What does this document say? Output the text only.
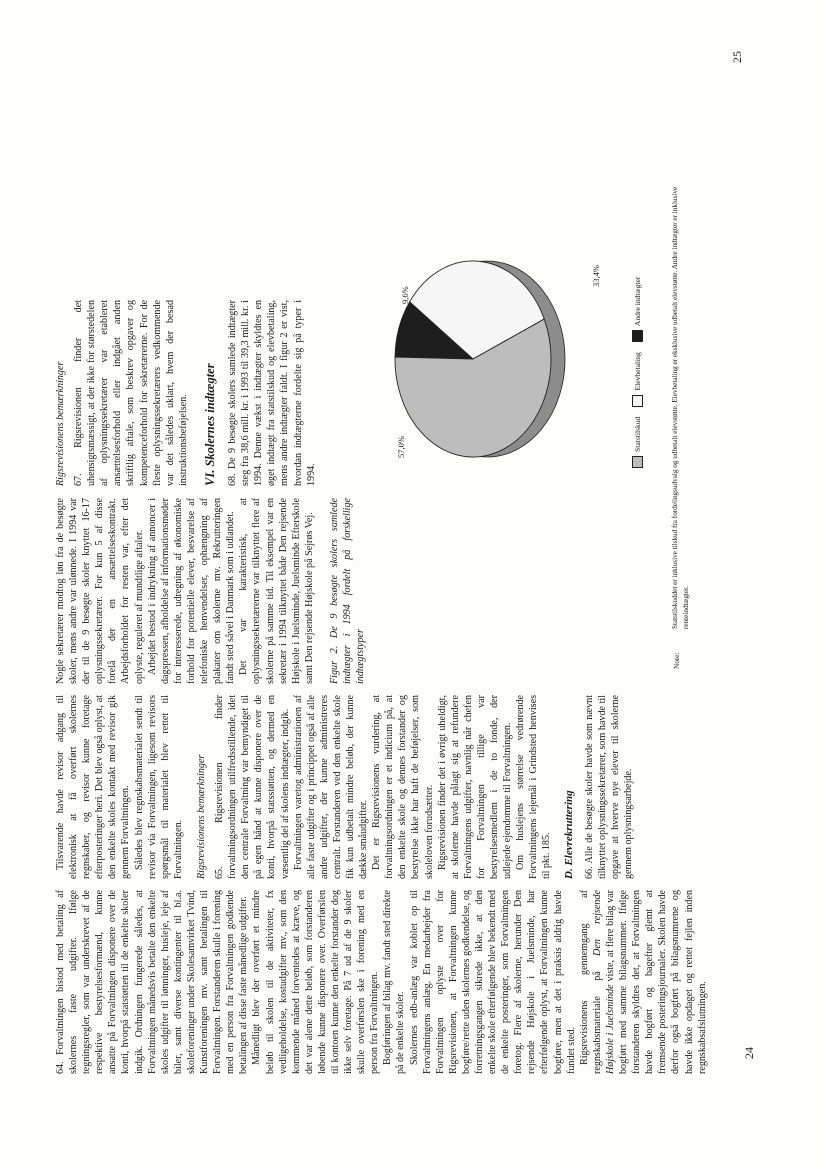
64. Forvaltningen bistod med betaling af skolernes faste udgifter. Ifølge tegningsregler, som var underskrevet af de respektive bestyrelsesformænd, kunne ansatte på Forvaltningen disponere over de konti, hvorpå statstøtten til de enkelte skoler indgik. Ordningen fungerede således, at Forvaltningen månedsvis betalte den enkelte skoles udgifter til lønninger, husleje, leje af biler, samt diverse kontingenter til bl.a. skoleforeninger under Skolesamvirket Tvind, Kunstforeningen mv. samt betalingen til Forvaltningen. Forstanderen skulle i forening med en person fra Forvaltningen godkende betalingen af disse faste månedlige udgifter. Månedligt blev der overført et mindre beløb til skolen til de aktiviteter, fx vedligeholdelse, kostudgifter mv., som den kommende måned forventedes at kræve, og det var alene dette beløb, som forstanderen løbende kunne disponere over. Overførslen til kontoen kunne den enkelte forstander dog ikke selv foretage. På 7 ud af de 9 skoler skulle overførslen ske i forening med en person fra Forvaltningen. Bogføringen af bilag mv. fandt sted direkte på de enkelte skoler. Skolernes edb-anlæg var koblet op til Forvaltningens anlæg. En medarbejder fra Forvaltningen oplyste over for Rigsrevisionen, at Forvaltningen kunne bogføre/rette uden skolernes godkendelse, og forretningsgangen sikrede ikke, at den enkelte skole efterfølgende blev bekendt med de enkelte posteringer, som Forvaltningen foretog. Flere af skolerne, herunder Den rejsende Højskole i Juelsminde, har efterfølgende oplyst, at Forvaltningen kunne bogføre, men at det i praksis aldrig havde fundet sted. Rigsrevisionens gennemgang af regnskabsmateriale på Den rejsende Højskole i Juelsminde viste, at flere bilag var bogført med samme bilagsnummer. Ifølge forstanderen skyldtes det, at Forvaltningen havde bogført og bagefter glemt at fremsende posteringsjournaler. Skolen havde derfor også bogført på bilagsnumrene og havde ikke opdaget og rettet fejlen inden regnskabsafslutningen.

Tilsvarende havde revisor adgang til elektronisk at få overført skolernes regnskaber, og revisor kunne foretage efterposteringer heri. Det blev også oplyst, at den enkelte skoles kontakt med revisor gik gennem Forvaltningen. Således blev regnskabsmaterialet sendt til revisor via Forvaltningen, ligesom revisors spørgsmål til materialet blev rettet til Forvaltningen. Rigsrevisionens bemærkninger 65. Rigsrevisionen finder forvaltningsordningen utilfredsstillende, idet den centrale Forvaltning var bemyndiget til på egen hånd at kunne disponere over de konti, hvorpå statsstøtten, og dermed en væsentlig del af skolens indtægter, indgik. Forvaltningen varetog administrationen af alle faste udgifter og i princippet også af alle andre udgifter, der kunne administreres centralt. Forstanderen ved den enkelte skole fik kun udbetalt mindre beløb, der kunne dække småudgifter. Det er Rigsrevisionens vurdering, at forvaltningsordningen er et indicium på, at den enkelte skole og dennes forstander og bestyrelse ikke har haft de beføjelser, som skoleloven forudsætter. Rigsrevisionen finder det i øvrigt uheldigt, at skolerne havde pålagt sig at refundere Forvaltningens udgifter, navnlig når chefen for Forvaltningen tillige var bestyrelsesmedlem i de to fonde, der udlejede ejendomme til Forvaltningen. Om huslejens størrelse vedrørende Forvaltningens lejemål i Grindsted henvises til pkt. 185. D. Elevrekruttering 66. Alle de besøgte skoler havde som nævnt tilknyttet oplysningssekretærer, som havde til opgave at hverve nye elever til skolerne gennem oplysningsarbejde.

Nogle sekretærer modtog løn fra de besøgte skoler, mens andre var ulønnede. I 1994 var der til de 9 besøgte skoler knyttet 16-17 oplysningssekretærer. For kun 5 af disse forelå der en ansættelseskontrakt. Arbejdsforholdet for resten var, efter det oplyste, reguleret af mundtlige aftaler. Arbejdet bestod i indrykning af annoncer i dagspressen, afholdelse af informationsmøder for interesserede, udregning af økonomiske forhold for potentielle elever, besvarelse af telefoniske henvendelser, ophængning af plakater om skolerne mv. Rekrutteringen fandt sted såvel i Danmark som i udlandet. Det var karakteristisk, at oplysningssekretærerne var tilknyttet flere af skolerne på samme tid. Til eksempel var en sekretær i 1994 tilknyttet både Den rejsende Højskole i Juelsminde, Juelsminde Efterskole samt Den rejsende Højskole på Sejrøs Vej. Figur 2. De 9 besøgte skolers samlede indtægter i 1994 fordelt på forskellige indtægtstyper

Rigsrevisionens bemærkninger 67. Rigsrevisionen finder det uhensigtsmæssigt, at der ikke for størstedelen af oplysningssekretærer var etableret ansættelsesforhold eller indgået anden skriftlig aftale, som beskrev opgaver og kompetenceforhold for sekretærerne. For de fleste oplysningssekretærers vedkommende var det således uklart, hvem der besad instruktionsbeføjelsen. VI. Skolernes indtægter 68. De 9 besøgte skolers samlede indtægter steg fra 38,6 mill. kr. i 1993 til 39,3 mill. kr. i 1994. Denne vækst i indtægter skyldtes en øget indtægt fra statstilskud og elevbetaling, mens andre indtægter faldt. I figur 2 er vist, hvordan indtægterne fordelte sig på typer i 1994.

57,0%
33,4%
9,6%
Statstilskud
Elevbetaling
Andre indtægter
Note:
Statstilskuddet er inklusive tilskud fra fordelingsudvalg og udbetalt elevstøtte. Elevbetaling er eksklusive udbetalt elevstøtte. Andre indtægter er inklusive renteindtægter.
24
25
